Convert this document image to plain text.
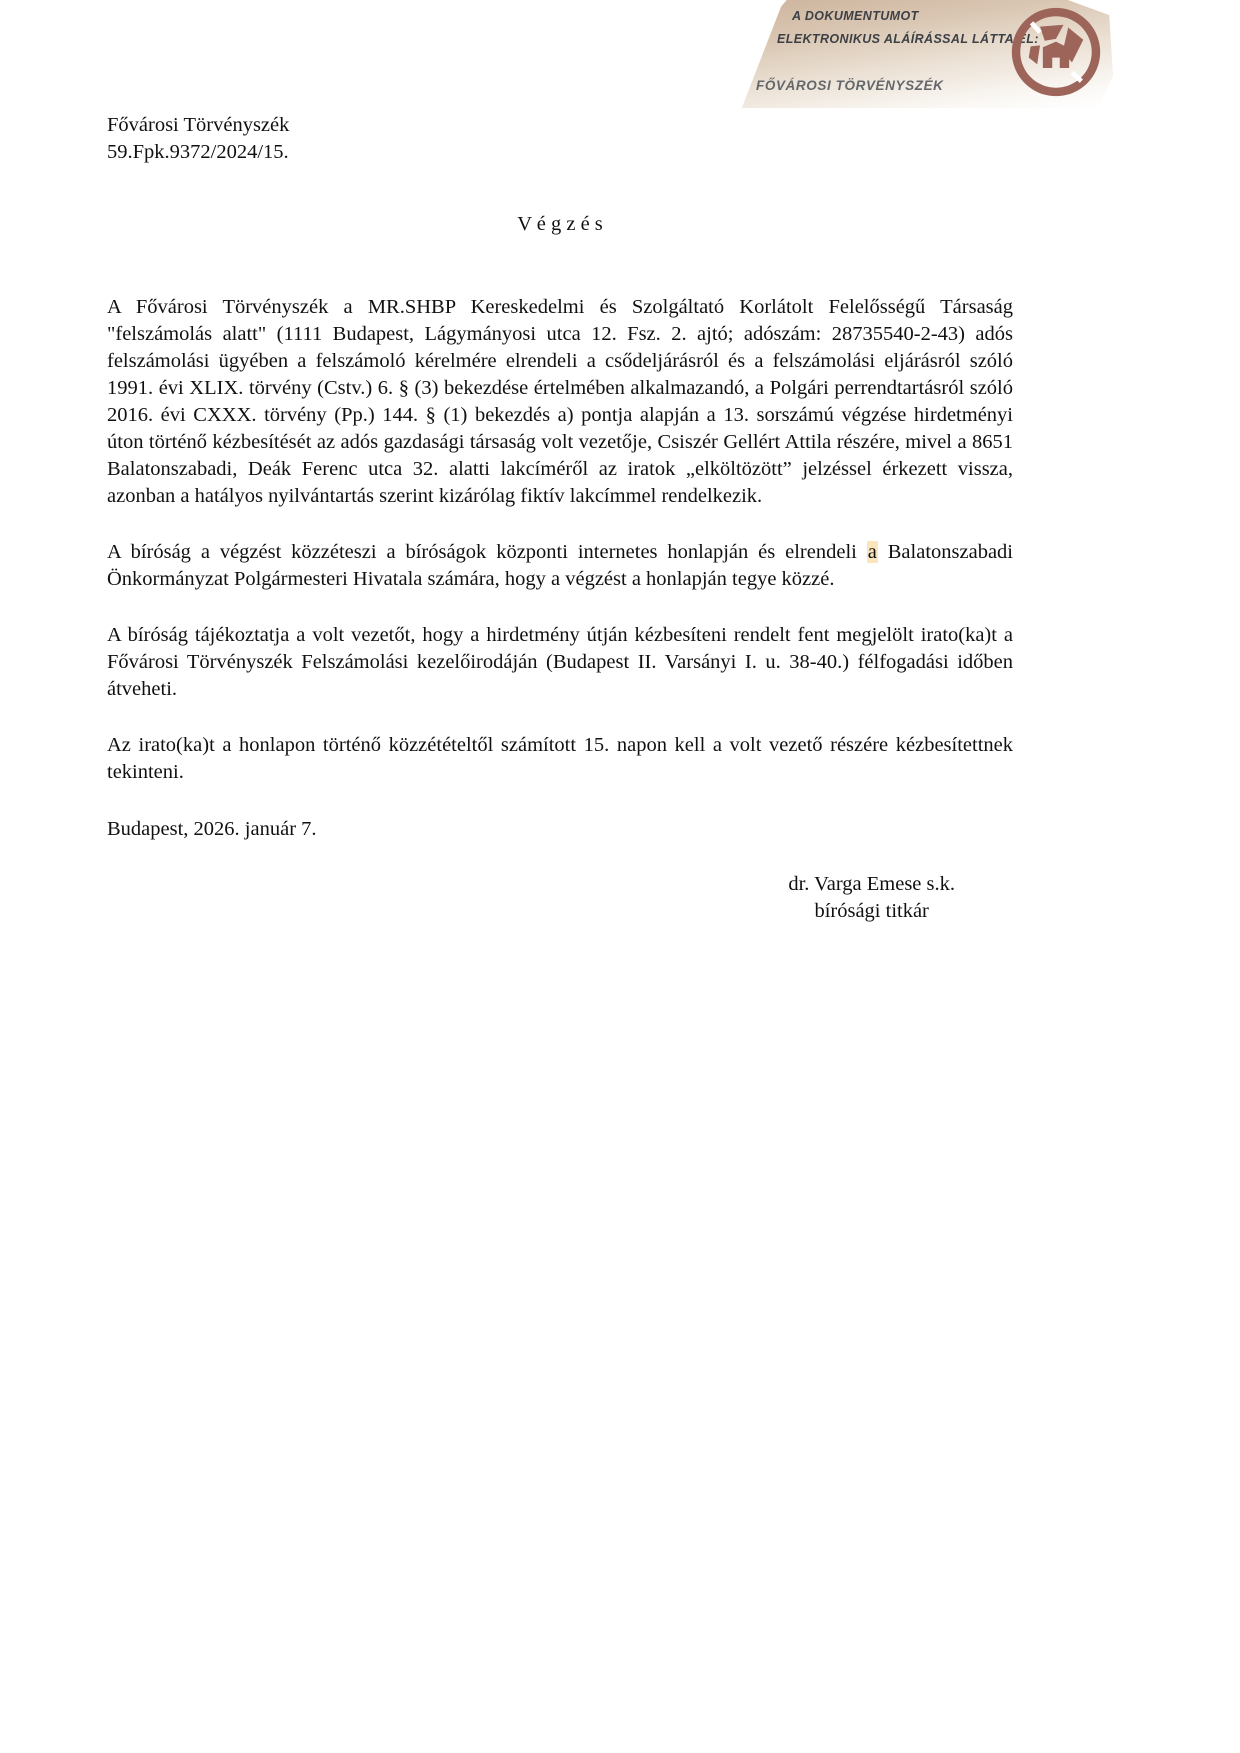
A DOKUMENTUMOT
ELEKTRONIKUS ALÁÍRÁSSAL LÁTTA EL:
FŐVÁROSI TÖRVÉNYSZÉK
Fővárosi Törvényszék
59.Fpk.9372/2024/15.
V é g z é s

A Fővárosi Törvényszék a MR.SHBP Kereskedelmi és Szolgáltató Korlátolt Felelősségű Társaság "felszámolás alatt" (1111 Budapest, Lágymányosi utca 12. Fsz. 2. ajtó; adószám: 28735540-2-43) adós felszámolási ügyében a felszámoló kérelmére elrendeli a csődeljárásról és a felszámolási eljárásról szóló 1991. évi XLIX. törvény (Cstv.) 6. § (3) bekezdése értelmében alkalmazandó, a Polgári perrendtartásról szóló 2016. évi CXXX. törvény (Pp.) 144. § (1) bekezdés a) pontja alapján a 13. sorszámú végzése hirdetményi úton történő kézbesítését az adós gazdasági társaság volt vezetője, Csiszér Gellért Attila részére, mivel a 8651 Balatonszabadi, Deák Ferenc utca 32. alatti lakcíméről az iratok „elköltözött” jelzéssel érkezett vissza, azonban a hatályos nyilvántartás szerint kizárólag fiktív lakcímmel rendelkezik.

A bíróság a végzést közzéteszi a bíróságok központi internetes honlapján és elrendeli a Balatonszabadi Önkormányzat Polgármesteri Hivatala számára, hogy a végzést a honlapján tegye közzé.

A bíróság tájékoztatja a volt vezetőt, hogy a hirdetmény útján kézbesíteni rendelt fent megjelölt irato(ka)t a Fővárosi Törvényszék Felszámolási kezelőirodáján (Budapest II. Varsányi I. u. 38-40.) félfogadási időben átveheti.

Az irato(ka)t a honlapon történő közzétételtől számított 15. napon kell a volt vezető részére kézbesítettnek tekinteni.

Budapest, 2026. január 7.
dr. Varga Emese s.k.
bírósági titkár
